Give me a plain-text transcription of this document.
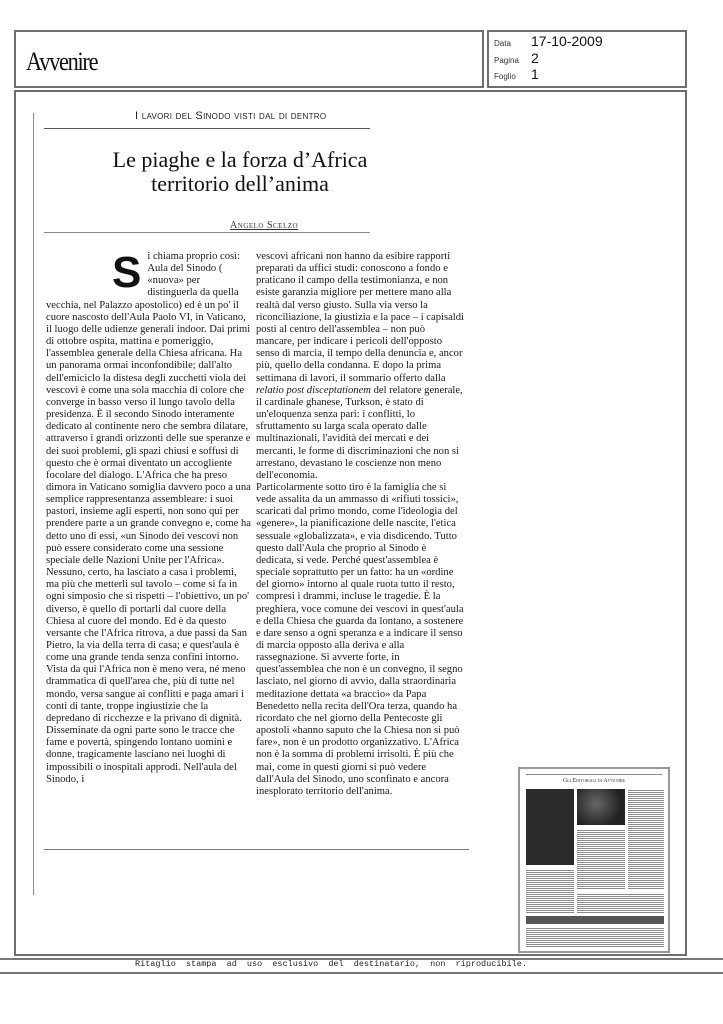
Avvenire
Data 17-10-2009
Pagina 2
Foglio 1
I lavori del Sinodo visti dal di dentro
Le piaghe e la forza d’Africa
territorio dell’anima
Angelo Scelzo
S i chiama proprio così: Aula del Sinodo ( «nuova» per distinguerla da quella vecchia, nel Palazzo apostolico) ed è un po' il cuore nascosto dell'Aula Paolo VI, in Vaticano, il luogo delle udienze generali indoor. Dai primi di ottobre ospita, mattina e pomeriggio, l'assemblea generale della Chiesa africana. Ha un panorama ormai inconfondibile; dall'alto dell'emiciclo la distesa degli zucchetti viola dei vescovi è come una sola macchia di colore che converge in basso verso il lungo tavolo della presidenza. È il secondo Sinodo interamente dedicato al continente nero che sembra dilatare, attraverso i grandi orizzonti delle sue speranze e dei suoi problemi, gli spazi chiusi e soffusi di questo che è ormai diventato un accogliente focolare del dialogo. L'Africa che ha preso dimora in Vaticano somiglia davvero poco a una semplice rappresentanza assembleare: i suoi pastori, insieme agli esperti, non sono qui per prendere parte a un grande convegno e, come ha detto uno di essi, «un Sinodo dei vescovi non può essere considerato come una sessione speciale delle Nazioni Unite per l'Africa». Nessuno, certo, ha lasciato a casa i problemi, ma più che metterli sul tavolo – come si fa in ogni simposio che si rispetti – l'obiettivo, un po' diverso, è quello di portarli dal cuore della Chiesa al cuore del mondo. Ed è da questo versante che l'Africa ritrova, a due passi da San Pietro, la via della terra di casa; e quest'aula è come una grande tenda senza confini intorno. Vista da qui l'Africa non è meno vera, né meno drammatica di quell'area che, più di tutte nel mondo, versa sangue ai conflitti e paga amari i conti di tante, troppe ingiustizie che la depredano di ricchezze e la privano di dignità. Disseminate da ogni parte sono le tracce che fame e povertà, spingendo lontano uomini e donne, tragicamente lasciano nei luoghi di impossibili o inospitali approdi. Nell'aula del Sinodo, i

vescovi africani non hanno da esibire rapporti preparati da uffici studi: conoscono a fondo e praticano il campo della testimonianza, e non esiste garanzia migliore per mettere mano alla realtà dal verso giusto. Sulla via verso la riconciliazione, la giustizia e la pace – i capisaldi posti al centro dell'assemblea – non può mancare, per indicare i pericoli dell'opposto senso di marcia, il tempo della denuncia e, ancor più, quello della condanna. E dopo la prima settimana di lavori, il sommario offerto dalla relatio post disceptationem del relatore generale, il cardinale ghanese, Turkson, è stato di un'eloquenza senza pari: i conflitti, lo sfruttamento su larga scala operato dalle multinazionali, l'avidità dei mercati e dei mercanti, le forme di discriminazioni che non si arrestano, devastano le coscienze non meno dell'economia.

Particolarmente sotto tiro è la famiglia che si vede assalita da un ammasso di «rifiuti tossici», scaricati dal primo mondo, come l'ideologia del «genere», la pianificazione delle nascite, l'etica sessuale «globalizzata», e via disdicendo. Tutto questo dall'Aula che proprio al Sinodo è dedicata, si vede. Perché quest'assemblea è speciale soprattutto per un fatto: ha un «ordine del giorno» intorno al quale ruota tutto il resto, compresi i drammi, incluse le tragedie. È la preghiera, voce comune dei vescovi in quest'aula e della Chiesa che guarda da lontano, a sostenere e dare senso a ogni speranza e a indicare il senso di marcia opposto alla deriva e alla rassegnazione. Si avverte forte, in quest'assemblea che non è un convegno, il segno lasciato, nel giorno di avvio, dalla straordinaria meditazione dettata «a braccio» da Papa Benedetto nella recita dell'Ora terza, quando ha ricordato che nel giorno della Pentecoste gli apostoli «hanno saputo che la Chiesa non si può fare», non è un prodotto organizzativo. L'Africa non è la somma di problemi irrisolti. È più che mai, come in questi giorni si può vedere dall'Aula del Sinodo, uno sconfinato e ancora inesplorato territorio dell'anima.

Gli Editoriali di Avvenire
Ritaglio stampa ad uso esclusivo del destinatario, non riproducibile.
